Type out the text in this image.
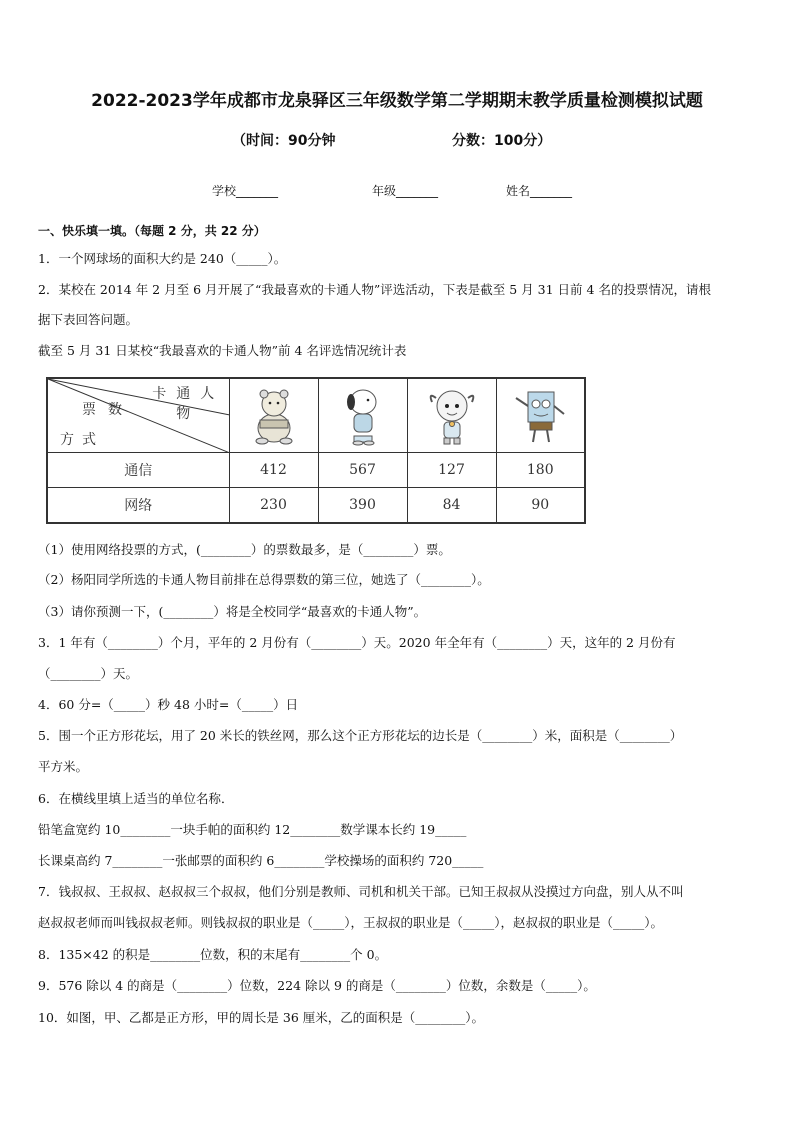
2022-2023学年成都市龙泉驿区三年级数学第二学期期末教学质量检测模拟试题
（时间：90分钟	分数：100分）
学校_______	年级_______	姓名_______
一、快乐填一填。（每题 2 分，共 22 分）
1．一个网球场的面积大约是 240（_____）。
2．某校在 2014 年 2 月至 6 月开展了“我最喜欢的卡通人物”评选活动，下表是截至 5 月 31 日前 4 名的投票情况，请根
据下表回答问题。
截至 5 月 31 日某校“我最喜欢的卡通人物”前 4 名评选情况统计表
卡通人物
票数
方式

通信	412	567	127	180
网络	230	390	84	90
（1）使用网络投票的方式，(________）的票数最多，是（________）票。
（2）杨阳同学所选的卡通人物目前排在总得票数的第三位，她选了（________）。
（3）请你预测一下，(________）将是全校同学“最喜欢的卡通人物”。
3．1 年有（________）个月，平年的 2 月份有（________）天。2020 年全年有（________）天，这年的 2 月份有
（________）天。
4．60 分=（_____）秒 48 小时=（_____）日
5．围一个正方形花坛，用了 20 米长的铁丝网，那么这个正方形花坛的边长是（________）米，面积是（________）
平方米。
6．在横线里填上适当的单位名称．
铅笔盒宽约 10________一块手帕的面积约 12________数学课本长约 19_____
长课桌高约 7________一张邮票的面积约 6________学校操场的面积约 720_____
7．钱叔叔、王叔叔、赵叔叔三个叔叔，他们分别是教师、司机和机关干部。已知王叔叔从没摸过方向盘，别人从不叫
赵叔叔老师而叫钱叔叔老师。则钱叔叔的职业是（_____），王叔叔的职业是（_____），赵叔叔的职业是（_____）。
8．135×42 的积是________位数，积的末尾有________个 0。
9．576 除以 4 的商是（________）位数，224 除以 9 的商是（________）位数，余数是（_____）。
10．如图，甲、乙都是正方形，甲的周长是 36 厘米，乙的面积是（________）。
